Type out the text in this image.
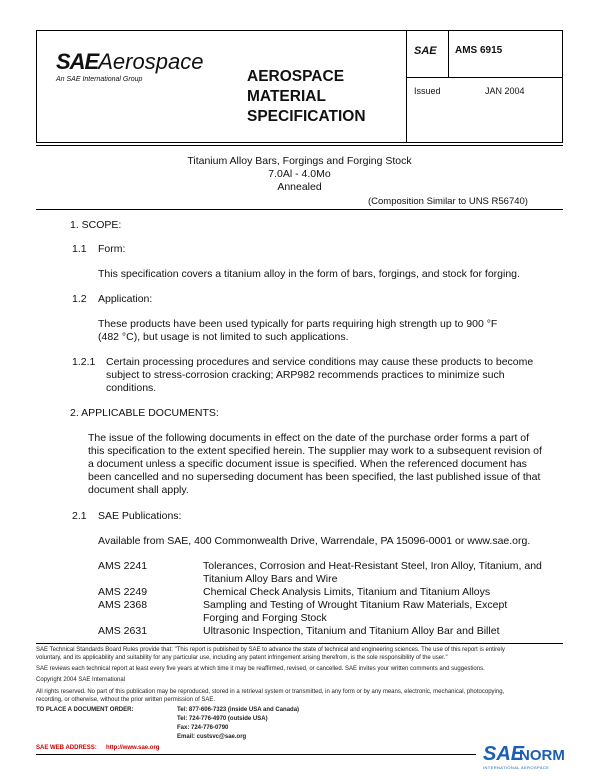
SAEAerospace
An SAE International Group	AEROSPACE
MATERIAL
SPECIFICATION
SAE AMS 6915
Issued	JAN 2004
Titanium Alloy Bars, Forgings and Forging Stock
7.0Al - 4.0Mo
Annealed
(Composition Similar to UNS R56740)
1. SCOPE:
1.1 Form:
This specification covers a titanium alloy in the form of bars, forgings, and stock for forging.
1.2 Application:
These products have been used typically for parts requiring high strength up to 900 °F
(482 °C), but usage is not limited to such applications.
1.2.1 Certain processing procedures and service conditions may cause these products to become
subject to stress-corrosion cracking; ARP982 recommends practices to minimize such
conditions.
2. APPLICABLE DOCUMENTS:
The issue of the following documents in effect on the date of the purchase order forms a part of
this specification to the extent specified herein. The supplier may work to a subsequent revision of
a document unless a specific document issue is specified. When the referenced document has
been cancelled and no superseding document has been specified, the last published issue of that
document shall apply.
2.1 SAE Publications:
Available from SAE, 400 Commonwealth Drive, Warrendale, PA 15096-0001 or www.sae.org.
AMS 2241	Tolerances, Corrosion and Heat-Resistant Steel, Iron Alloy, Titanium, and
Titanium Alloy Bars and Wire
AMS 2249	Chemical Check Analysis Limits, Titanium and Titanium Alloys
AMS 2368	Sampling and Testing of Wrought Titanium Raw Materials, Except
Forging and Forging Stock
AMS 2631	Ultrasonic Inspection, Titanium and Titanium Alloy Bar and Billet
SAE Technical Standards Board Rules provide that: "This report is published by SAE to advance the state of technical and engineering sciences. The use of this report is entirely
voluntary, and its applicability and suitability for any particular use, including any patent infringement arising therefrom, is the sole responsibility of the user."
SAE reviews each technical report at least every five years at which time it may be reaffirmed, revised, or cancelled. SAE invites your written comments and suggestions.
Copyright 2004 SAE International
All rights reserved. No part of this publication may be reproduced, stored in a retrieval system or transmitted, in any form or by any means, electronic, mechanical, photocopying,
recording, or otherwise, without the prior written permission of SAE.
TO PLACE A DOCUMENT ORDER:	Tel: 877-606-7323 (inside USA and Canada)
Tel: 724-776-4970 (outside USA)
Fax: 724-776-0790
Email: custsvc@sae.org
SAE WEB ADDRESS: http://www.sae.org	SAE
NORM
INTERNATIONAL AEROSPACE
